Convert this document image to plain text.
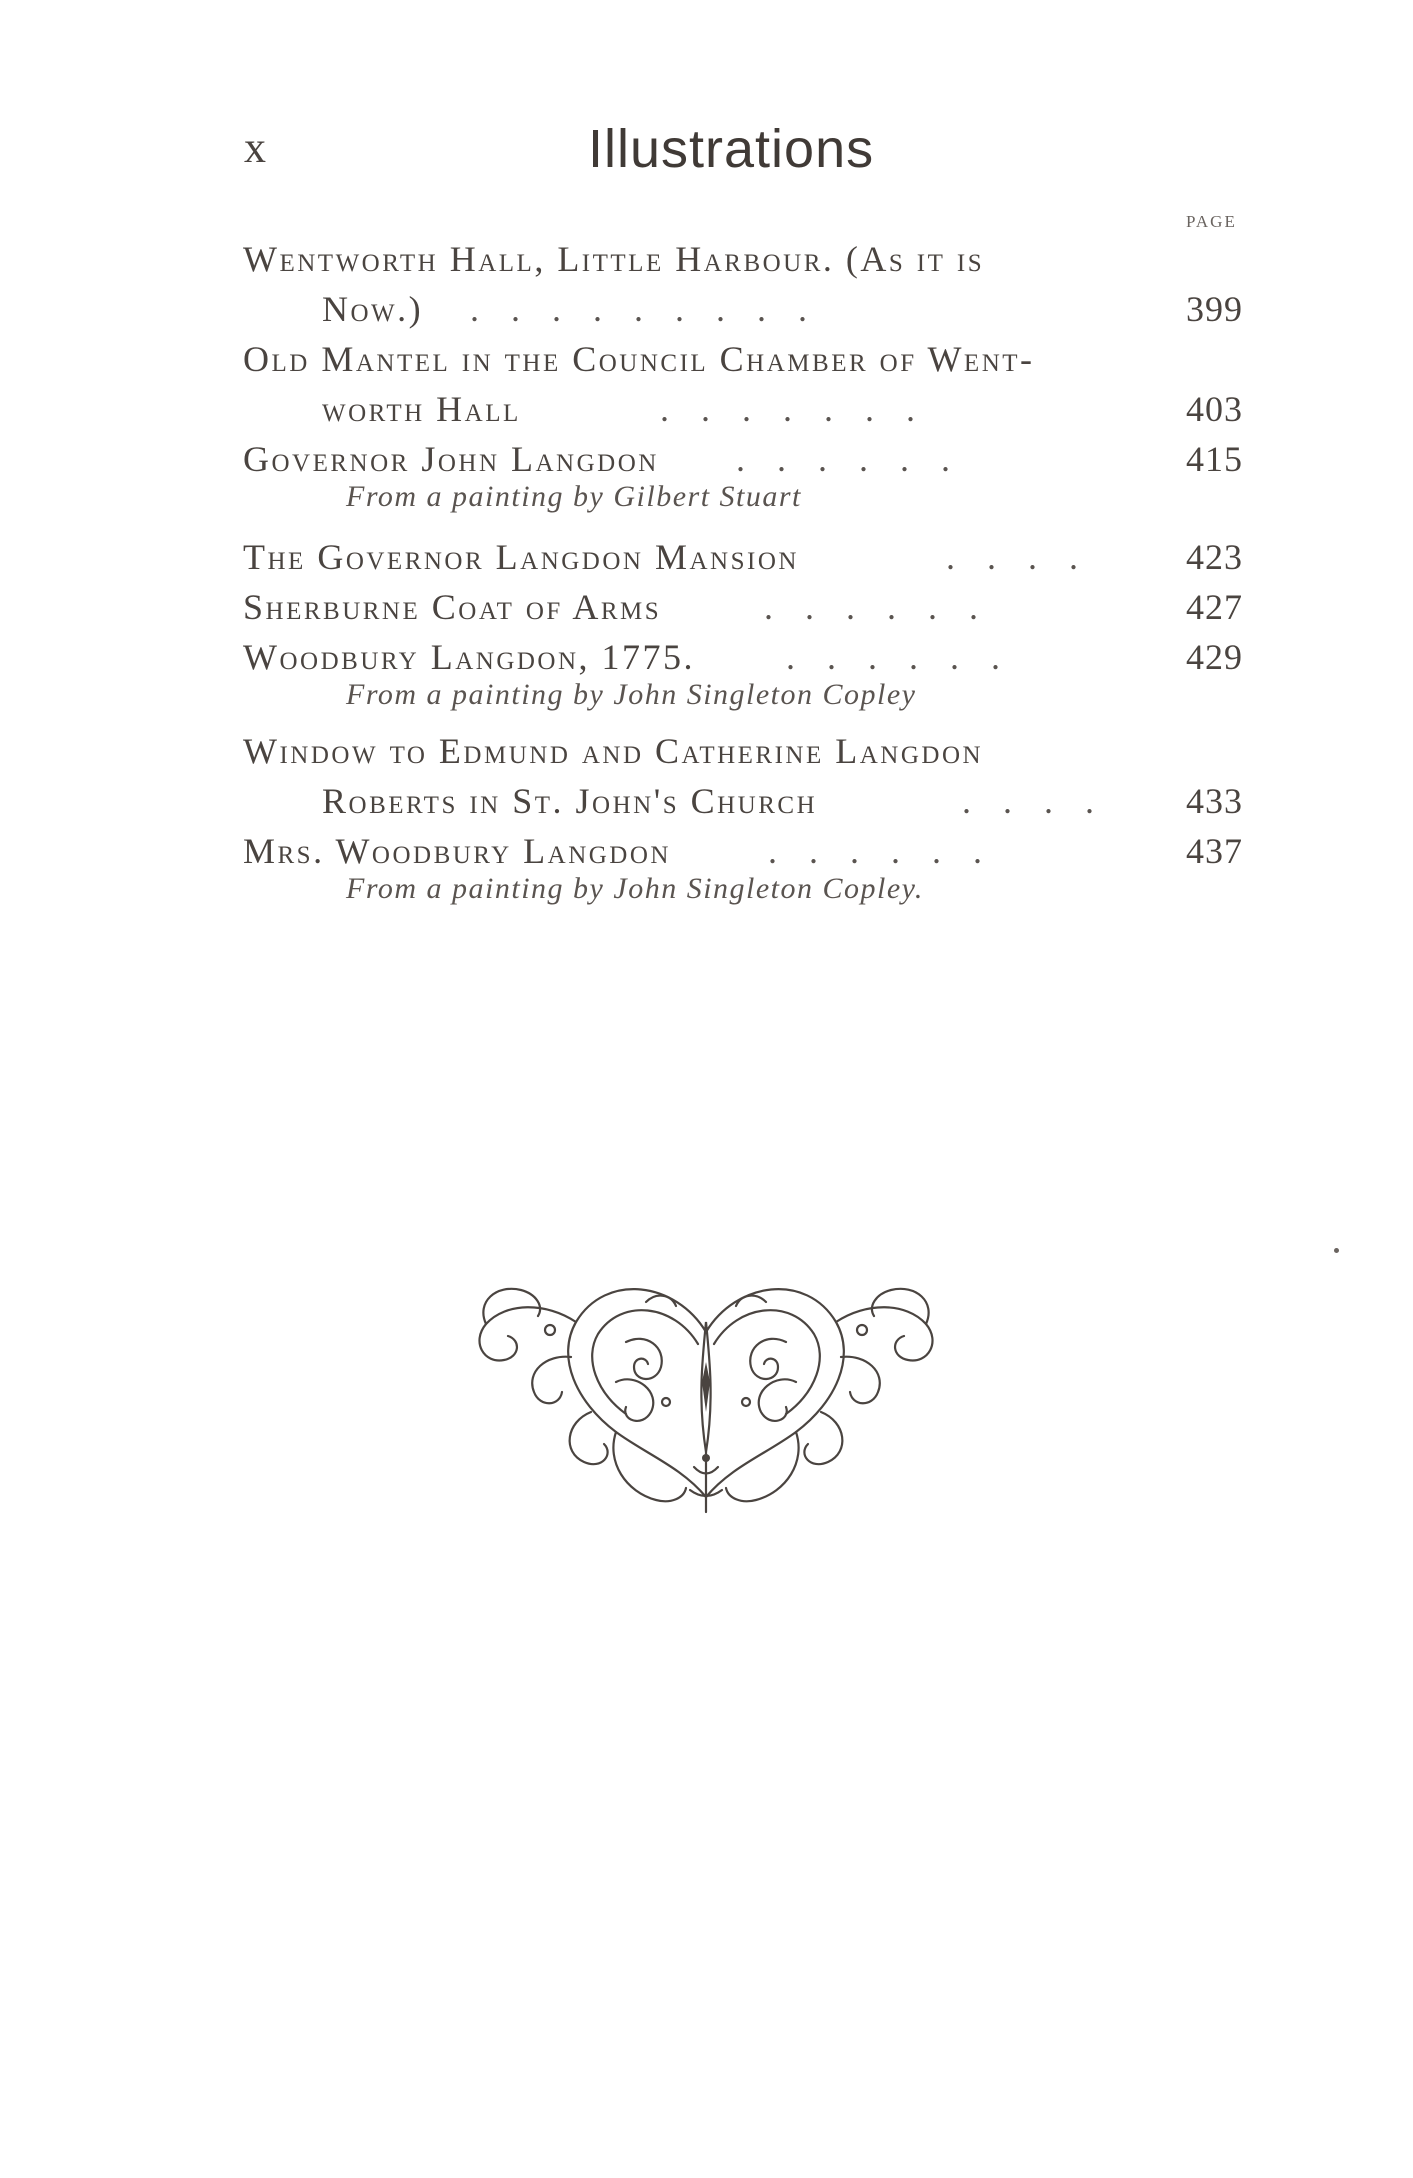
x	Illustrations
PAGE
Wentworth Hall, Little Harbour. (As it is
Now.) .........	399
Old Mantel in the Council Chamber of Went-
worth Hall	.......	403
Governor John Langdon ......	415
From a painting by Gilbert Stuart
The Governor Langdon Mansion	.... 423
Sherburne Coat of Arms	......	427
Woodbury Langdon, 1775.	......	429
From a painting by John Singleton Copley
Window to Edmund and Catherine Langdon
Roberts in St. John's Church	.... 433
Mrs. Woodbury Langdon	......	437
From a painting by John Singleton Copley.
